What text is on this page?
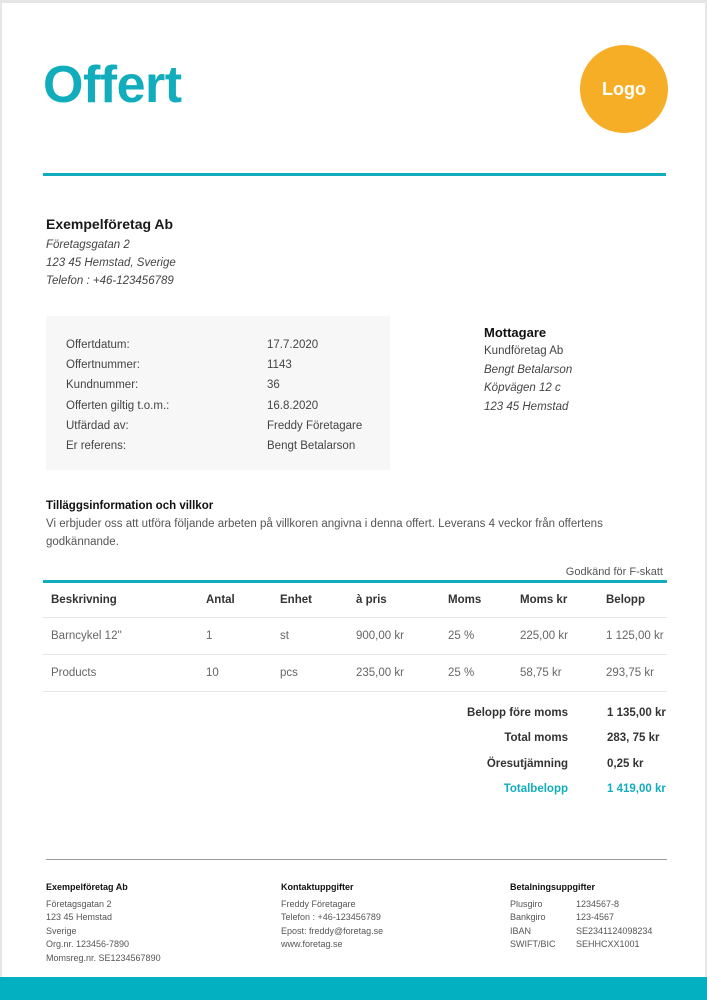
Offert	Logo
Exempelföretag Ab
Företagsgatan 2
123 45 Hemstad, Sverige
Telefon : +46-123456789
Offertdatum:	17.7.2020
Offertnummer:	1143
Kundnummer:	36
Offerten giltig t.o.m.:	16.8.2020
Utfärdad av:	Freddy Företagare
Er referens:	Bengt Betalarson
Mottagare
Kundföretag Ab
Bengt Betalarson
Köpvägen 12 c
123 45 Hemstad
Tilläggsinformation och villkor
Vi erbjuder oss att utföra följande arbeten på villkoren angivna i denna offert. Leverans 4 veckor från offertens godkännande.
Godkänd för F-skatt
Beskrivning	Antal	Enhet	à pris	Moms	Moms kr	Belopp
Barncykel 12''	1	st	900,00 kr	25 %	225,00 kr	1 125,00 kr
Products	10	pcs	235,00 kr	25 %	58,75 kr	293,75 kr
Belopp före moms	1 135,00 kr
Total moms	283, 75 kr
Öresutjämning	0,25 kr
Totalbelopp	1 419,00 kr
Exempelföretag Ab
Företagsgatan 2
123 45 Hemstad
Sverige
Org.nr. 123456-7890
Momsreg.nr. SE1234567890
Kontaktuppgifter
Freddy Företagare
Telefon : +46-123456789
Epost: freddy@foretag.se
www.foretag.se
Betalningsuppgifter
Plusgiro	1234567-8
Bankgiro	123-4567
IBAN	SE2341124098234
SWIFT/BIC	SEHHCXX1001
